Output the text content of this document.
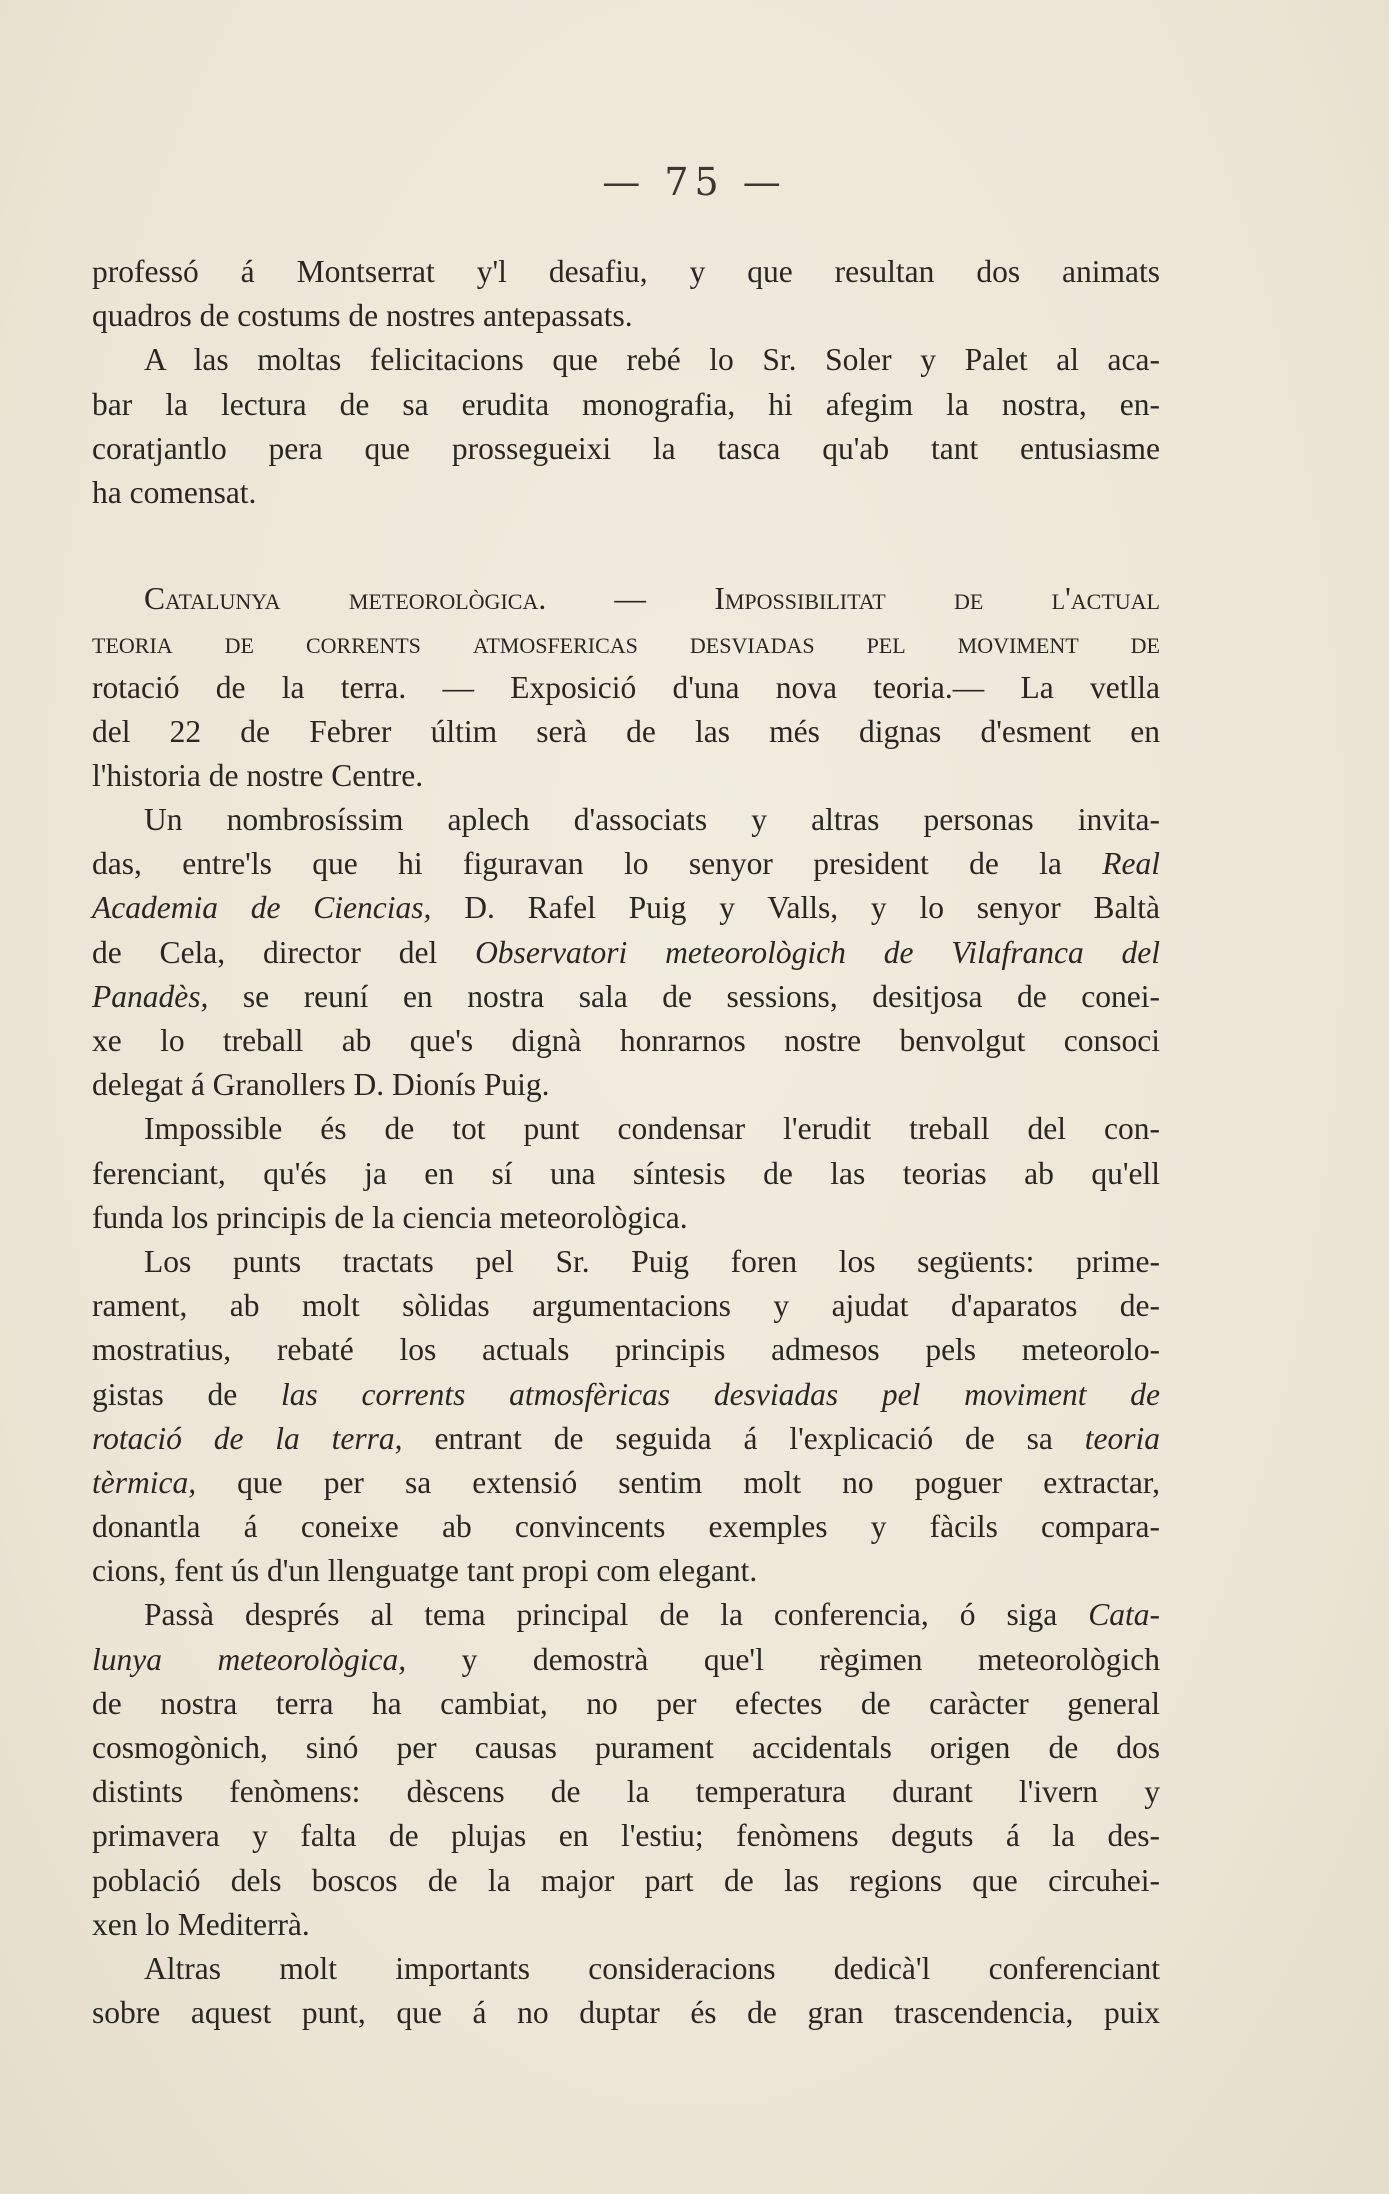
— 75 —
professó á Montserrat y'l desafiu, y que resultan dos animats
quadros de costums de nostres antepassats.
A las moltas felicitacions que rebé lo Sr. Soler y Palet al aca-
bar la lectura de sa erudita monografia, hi afegim la nostra, en-
coratjantlo pera que prossegueixi la tasca qu'ab tant entusiasme
ha comensat.
Catalunya meteorològica. — Impossibilitat de l'actual
teoria de corrents atmosfericas desviadas pel moviment de
rotació de la terra. — Exposició d'una nova teoria.— La vetlla
del 22 de Febrer últim serà de las més dignas d'esment en
l'historia de nostre Centre.
Un nombrosíssim aplech d'associats y altras personas invita-
das, entre'ls que hi figuravan lo senyor president de la Real
Academia de Ciencias, D. Rafel Puig y Valls, y lo senyor Baltà
de Cela, director del Observatori meteorològich de Vilafranca del
Panadès, se reuní en nostra sala de sessions, desitjosa de conei-
xe lo treball ab que's dignà honrarnos nostre benvolgut consoci
delegat á Granollers D. Dionís Puig.
Impossible és de tot punt condensar l'erudit treball del con-
ferenciant, qu'és ja en sí una síntesis de las teorias ab qu'ell
funda los principis de la ciencia meteorològica.
Los punts tractats pel Sr. Puig foren los següents: prime-
rament, ab molt sòlidas argumentacions y ajudat d'aparatos de-
mostratius, rebaté los actuals principis admesos pels meteorolo-
gistas de las corrents atmosfèricas desviadas pel moviment de
rotació de la terra, entrant de seguida á l'explicació de sa teoria
tèrmica, que per sa extensió sentim molt no poguer extractar,
donantla á coneixe ab convincents exemples y fàcils compara-
cions, fent ús d'un llenguatge tant propi com elegant.
Passà després al tema principal de la conferencia, ó siga Cata-
lunya meteorològica, y demostrà que'l règimen meteorològich
de nostra terra ha cambiat, no per efectes de caràcter general
cosmogònich, sinó per causas purament accidentals origen de dos
distints fenòmens: dèscens de la temperatura durant l'ivern y
primavera y falta de plujas en l'estiu; fenòmens deguts á la des-
població dels boscos de la major part de las regions que circuhei-
xen lo Mediterrà.
Altras molt importants consideracions dedicà'l conferenciant
sobre aquest punt, que á no duptar és de gran trascendencia, puix
